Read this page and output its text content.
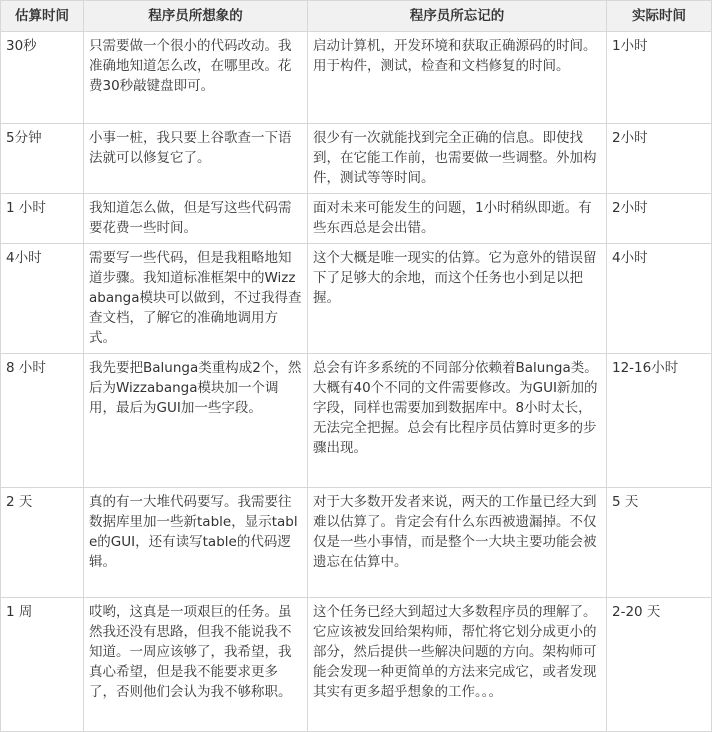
估算时间	程序员所想象的	程序员所忘记的	实际时间
30秒	只需要做一个很小的代码改动。我准确地知道怎么改，在哪里改。花费30秒敲键盘即可。	启动计算机，开发环境和获取正确源码的时间。用于构件，测试，检查和文档修复的时间。	1小时
5分钟	小事一桩，我只要上谷歌查一下语法就可以修复它了。	很少有一次就能找到完全正确的信息。即使找到，在它能工作前，也需要做一些调整。外加构件，测试等等时间。	2小时
1 小时	我知道怎么做，但是写这些代码需要花费一些时间。	面对未来可能发生的问题，1小时稍纵即逝。有些东西总是会出错。	2小时
4小时	需要写一些代码，但是我粗略地知道步骤。我知道标准框架中的Wizzabanga模块可以做到，不过我得查查文档，了解它的准确地调用方式。	这个大概是唯一现实的估算。它为意外的错误留下了足够大的余地，而这个任务也小到足以把握。	4小时
8 小时	我先要把Balunga类重构成2个，然后为Wizzabanga模块加一个调用，最后为GUI加一些字段。	总会有许多系统的不同部分依赖着Balunga类。大概有40个不同的文件需要修改。为GUI新加的字段，同样也需要加到数据库中。8小时太长，无法完全把握。总会有比程序员估算时更多的步骤出现。	12-16小时
2 天	真的有一大堆代码要写。我需要往数据库里加一些新table，显示table的GUI，还有读写table的代码逻辑。	对于大多数开发者来说，两天的工作量已经大到难以估算了。肯定会有什么东西被遗漏掉。不仅仅是一些小事情，而是整个一大块主要功能会被遗忘在估算中。	5 天
1 周	哎哟，这真是一项艰巨的任务。虽然我还没有思路，但我不能说我不知道。一周应该够了，我希望，我真心希望，但是我不能要求更多了，否则他们会认为我不够称职。	这个任务已经大到超过大多数程序员的理解了。它应该被发回给架构师，帮忙将它划分成更小的部分，然后提供一些解决问题的方向。架构师可能会发现一种更简单的方法来完成它，或者发现其实有更多超乎想象的工作。。。	2-20 天
